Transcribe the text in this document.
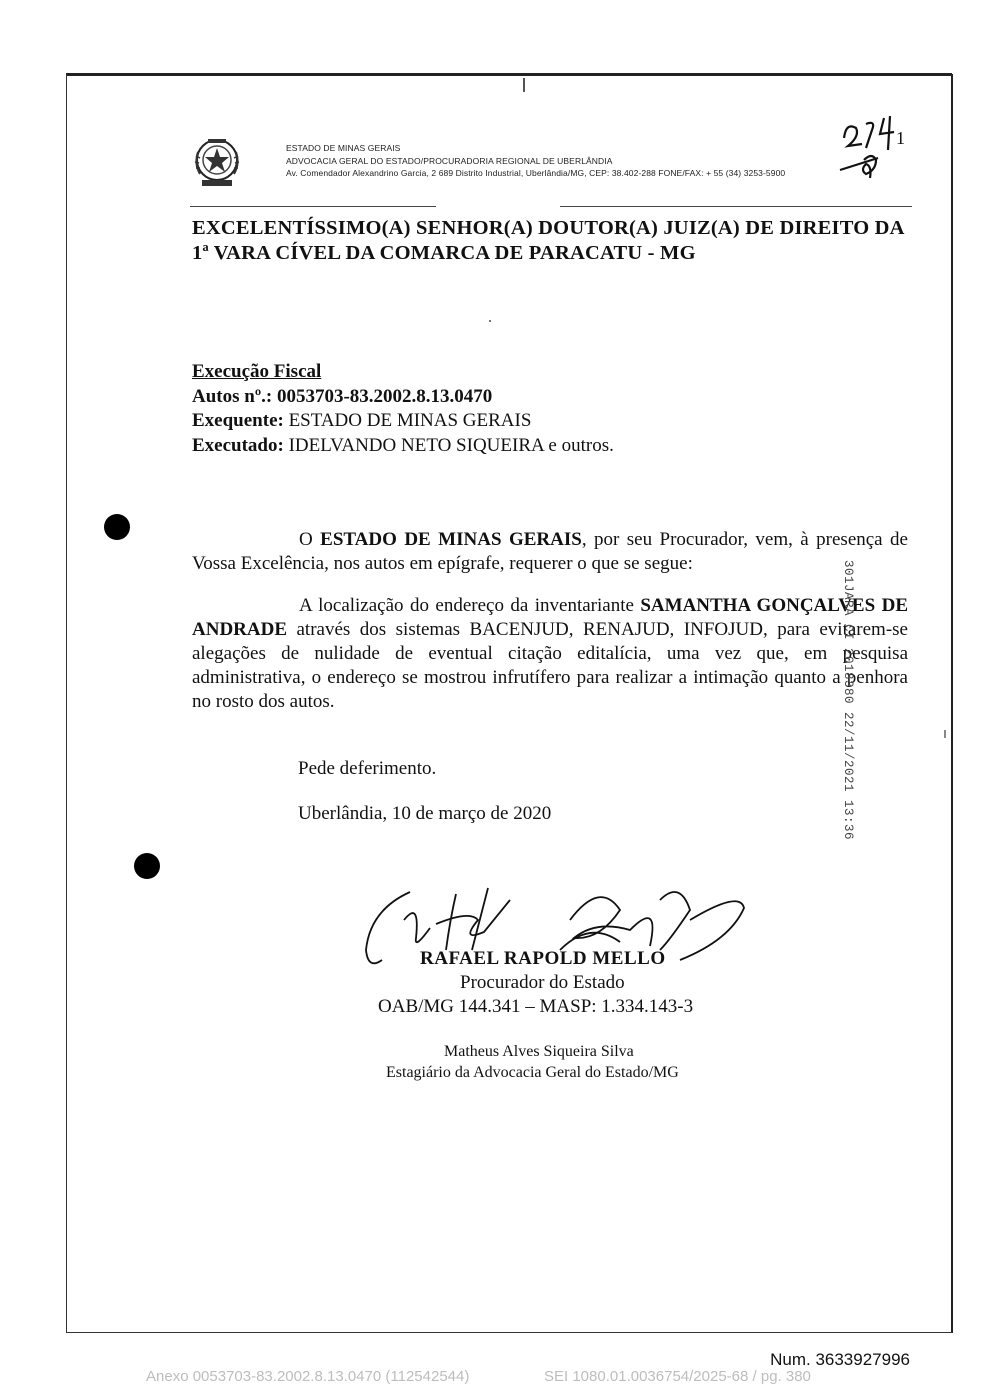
ESTADO DE MINAS GERAIS
ADVOCACIA GERAL DO ESTADO/PROCURADORIA REGIONAL DE UBERLÂNDIA
Av. Comendador Alexandrino Garcia, 2 689 Distrito Industrial, Uberlândia/MG, CEP: 38.402-288 FONE/FAX: + 55 (34) 3253-5900
1
EXCELENTÍSSIMO(A) SENHOR(A) DOUTOR(A) JUIZ(A) DE DIREITO DA 1ª VARA CÍVEL DA COMARCA DE PARACATU - MG
Execução Fiscal
Autos nº.: 0053703-83.2002.8.13.0470
Exequente: ESTADO DE MINAS GERAIS
Executado: IDELVANDO NETO SIQUEIRA e outros.
O ESTADO DE MINAS GERAIS, por seu Procurador, vem, à presença de Vossa Excelência, nos autos em epígrafe, requerer o que se segue:
A localização do endereço da inventariante SAMANTHA GONÇALVES DE ANDRADE através dos sistemas BACENJUD, RENAJUD, INFOJUD, para evitarem-se alegações de nulidade de eventual citação editalícia, uma vez que, em pesquisa administrativa, o endereço se mostrou infrutífero para realizar a intimação quanto a penhora no rosto dos autos.
Pede deferimento.
Uberlândia, 10 de março de 2020
RAFAEL RAPOLD MELLO
Procurador do Estado
OAB/MG 144.341 – MASP: 1.334.143-3
Matheus Alves Siqueira Silva
Estagiário da Advocacia Geral do Estado/MG
301JARA CI 2018380 22/11/2021 13:36
Num. 3633927996
Anexo 0053703-83.2002.8.13.0470 (112542544)	SEI 1080.01.0036754/2025-68 / pg. 380
